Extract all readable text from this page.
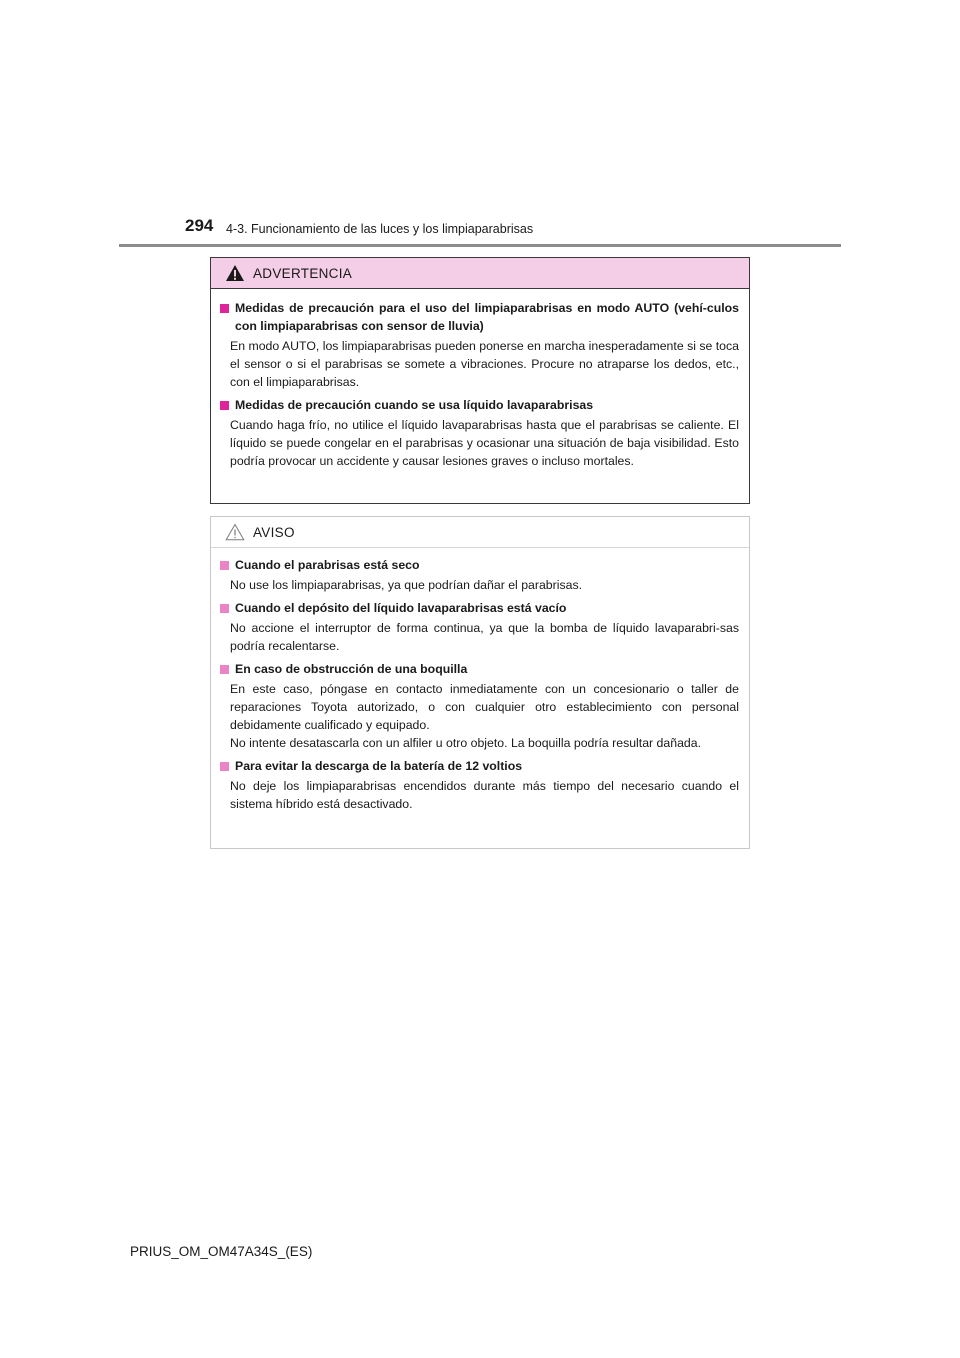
294 4-3. Funcionamiento de las luces y los limpiaparabrisas
ADVERTENCIA
Medidas de precaución para el uso del limpiaparabrisas en modo AUTO (vehí-culos con limpiaparabrisas con sensor de lluvia)
En modo AUTO, los limpiaparabrisas pueden ponerse en marcha inesperadamente si se toca el sensor o si el parabrisas se somete a vibraciones. Procure no atraparse los dedos, etc., con el limpiaparabrisas.
Medidas de precaución cuando se usa líquido lavaparabrisas
Cuando haga frío, no utilice el líquido lavaparabrisas hasta que el parabrisas se caliente. El líquido se puede congelar en el parabrisas y ocasionar una situación de baja visibilidad. Esto podría provocar un accidente y causar lesiones graves o incluso mortales.
AVISO
Cuando el parabrisas está seco
No use los limpiaparabrisas, ya que podrían dañar el parabrisas.
Cuando el depósito del líquido lavaparabrisas está vacío
No accione el interruptor de forma continua, ya que la bomba de líquido lavaparabri-sas podría recalentarse.
En caso de obstrucción de una boquilla
En este caso, póngase en contacto inmediatamente con un concesionario o taller de reparaciones Toyota autorizado, o con cualquier otro establecimiento con personal debidamente cualificado y equipado.
No intente desatascarla con un alfiler u otro objeto. La boquilla podría resultar dañada.
Para evitar la descarga de la batería de 12 voltios
No deje los limpiaparabrisas encendidos durante más tiempo del necesario cuando el sistema híbrido está desactivado.
PRIUS_OM_OM47A34S_(ES)
